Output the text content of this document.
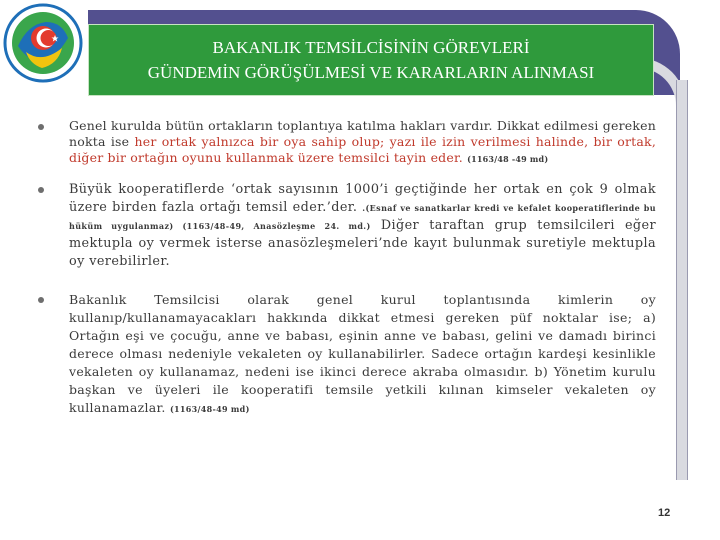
BAKANLIK TEMSİLCİSİNİN GÖREVLERİ
GÜNDEMİN GÖRÜŞÜLMESİ VE KARARLARIN ALINMASI

Genel kurulda bütün ortakların toplantıya katılma hakları vardır. Dikkat edilmesi gereken nokta ise her ortak yalnızca bir oya sahip olup; yazı ile izin verilmesi halinde, bir ortak, diğer bir ortağın oyunu kullanmak üzere temsilci tayin eder. (1163/48 -49 md)

Büyük kooperatiflerde ‘ortak sayısının 1000’i geçtiğinde her ortak en çok 9 olmak üzere birden fazla ortağı temsil eder.’der. .(Esnaf ve sanatkarlar kredi ve kefalet kooperatiflerinde bu hüküm uygulanmaz) (1163/48-49, Anasözleşme 24. md.) Diğer taraftan grup temsilcileri eğer mektupla oy vermek isterse anasözleşmeleri’nde kayıt bulunmak suretiyle mektupla oy verebilirler.

Bakanlık Temsilcisi olarak genel kurul toplantısında kimlerin oy kullanıp/kullanamayacakları hakkında dikkat etmesi gereken püf noktalar ise; a) Ortağın eşi ve çocuğu, anne ve babası, eşinin anne ve babası, gelini ve damadı birinci derece olması nedeniyle vekaleten oy kullanabilirler. Sadece ortağın kardeşi kesinlikle vekaleten oy kullanamaz, nedeni ise ikinci derece akraba olmasıdır. b) Yönetim kurulu başkan ve üyeleri ile kooperatifi temsile yetkili kılınan kimseler vekaleten oy kullanamazlar. (1163/48-49 md)

12
